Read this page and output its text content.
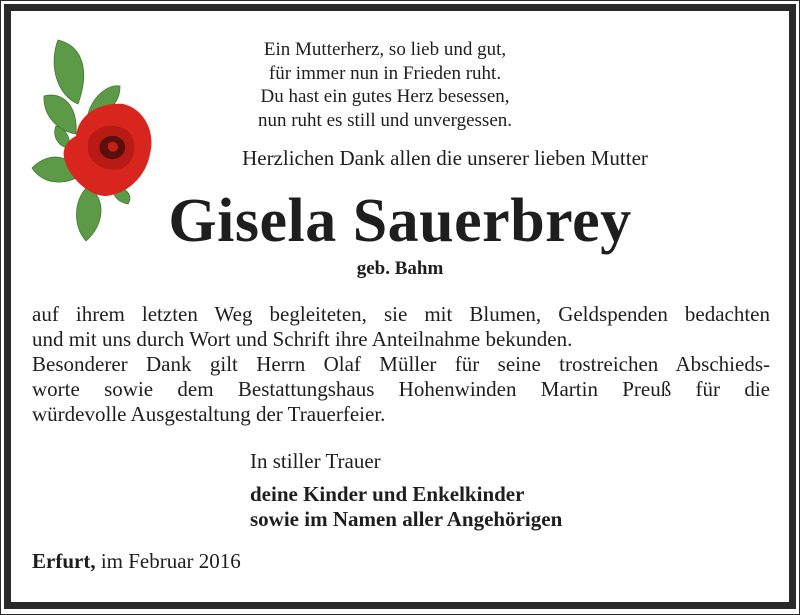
Ein Mutterherz, so lieb und gut,
für immer nun in Frieden ruht.
Du hast ein gutes Herz besessen,
nun ruht es still und unvergessen.
Herzlichen Dank allen die unserer lieben Mutter
Gisela Sauerbrey
geb. Bahm
auf ihrem letzten Weg begleiteten, sie mit Blumen, Geldspenden bedachten
und mit uns durch Wort und Schrift ihre Anteilnahme bekunden.
Besonderer Dank gilt Herrn Olaf Müller für seine trostreichen Abschieds-
worte sowie dem Bestattungshaus Hohenwinden Martin Preuß für die
würdevolle Ausgestaltung der Trauerfeier.
In stiller Trauer
deine Kinder und Enkelkinder
sowie im Namen aller Angehörigen
Erfurt, im Februar 2016
